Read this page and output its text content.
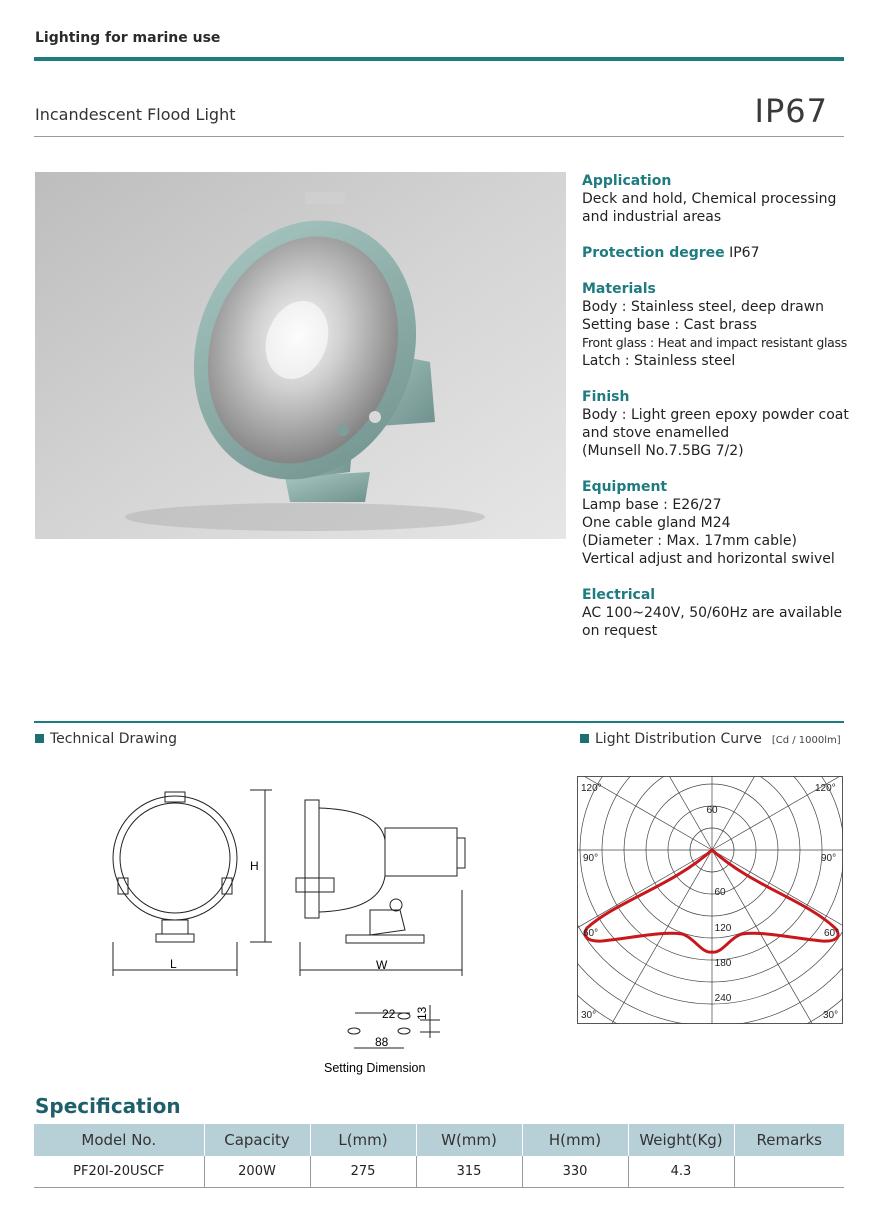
Lighting for marine use
Incandescent Flood Light	IP67
Application
Deck and hold, Chemical processing
and industrial areas
Protection degree IP67
Materials
Body : Stainless steel, deep drawn
Setting base : Cast brass
Front glass : Heat and impact resistant glass
Latch : Stainless steel
Finish
Body : Light green epoxy powder coat
and stove enamelled
(Munsell No.7.5BG 7/2)
Equipment
Lamp base : E26/27
One cable gland M24
(Diameter : Max. 17mm cable)
Vertical adjust and horizontal swivel
Electrical
AC 100~240V, 50/60Hz are available
on request
Technical Drawing	Light Distribution Curve [Cd / 1000lm]
H
L	W
22 13
88
Setting Dimension
120°	120°
90°	90°
60°	60°
30°	30°
60
60
120
180
240
Specification
Model No.	Capacity	L(mm)	W(mm)	H(mm)	Weight(Kg)	Remarks
PF20I-20USCF	200W	275	315	330	4.3	
